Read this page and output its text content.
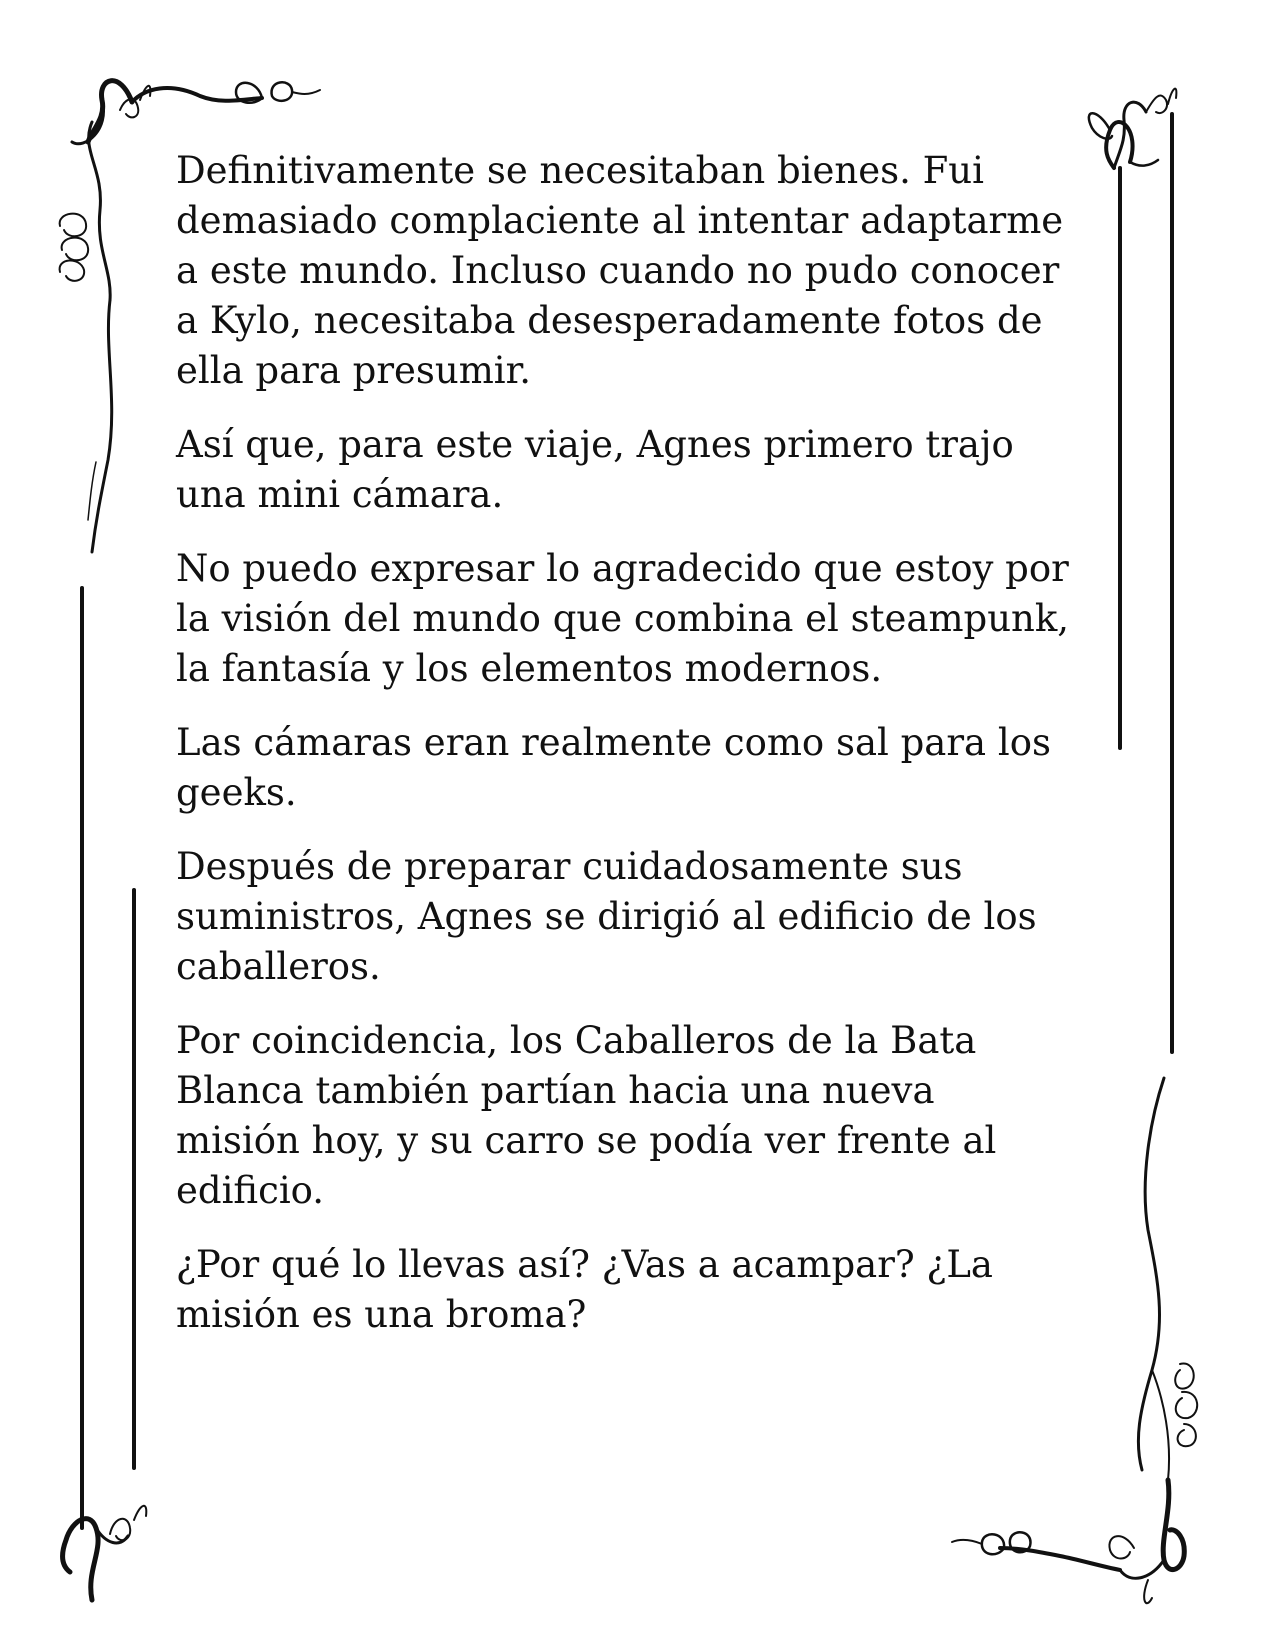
Definitivamente se necesitaban bienes. Fui
demasiado complaciente al intentar adaptarme
a este mundo. Incluso cuando no pudo conocer
a Kylo, necesitaba desesperadamente fotos de
ella para presumir.

Así que, para este viaje, Agnes primero trajo
una mini cámara.

No puedo expresar lo agradecido que estoy por
la visión del mundo que combina el steampunk,
la fantasía y los elementos modernos.

Las cámaras eran realmente como sal para los
geeks.

Después de preparar cuidadosamente sus
suministros, Agnes se dirigió al edificio de los
caballeros.

Por coincidencia, los Caballeros de la Bata
Blanca también partían hacia una nueva
misión hoy, y su carro se podía ver frente al
edificio.

¿Por qué lo llevas así? ¿Vas a acampar? ¿La
misión es una broma?
